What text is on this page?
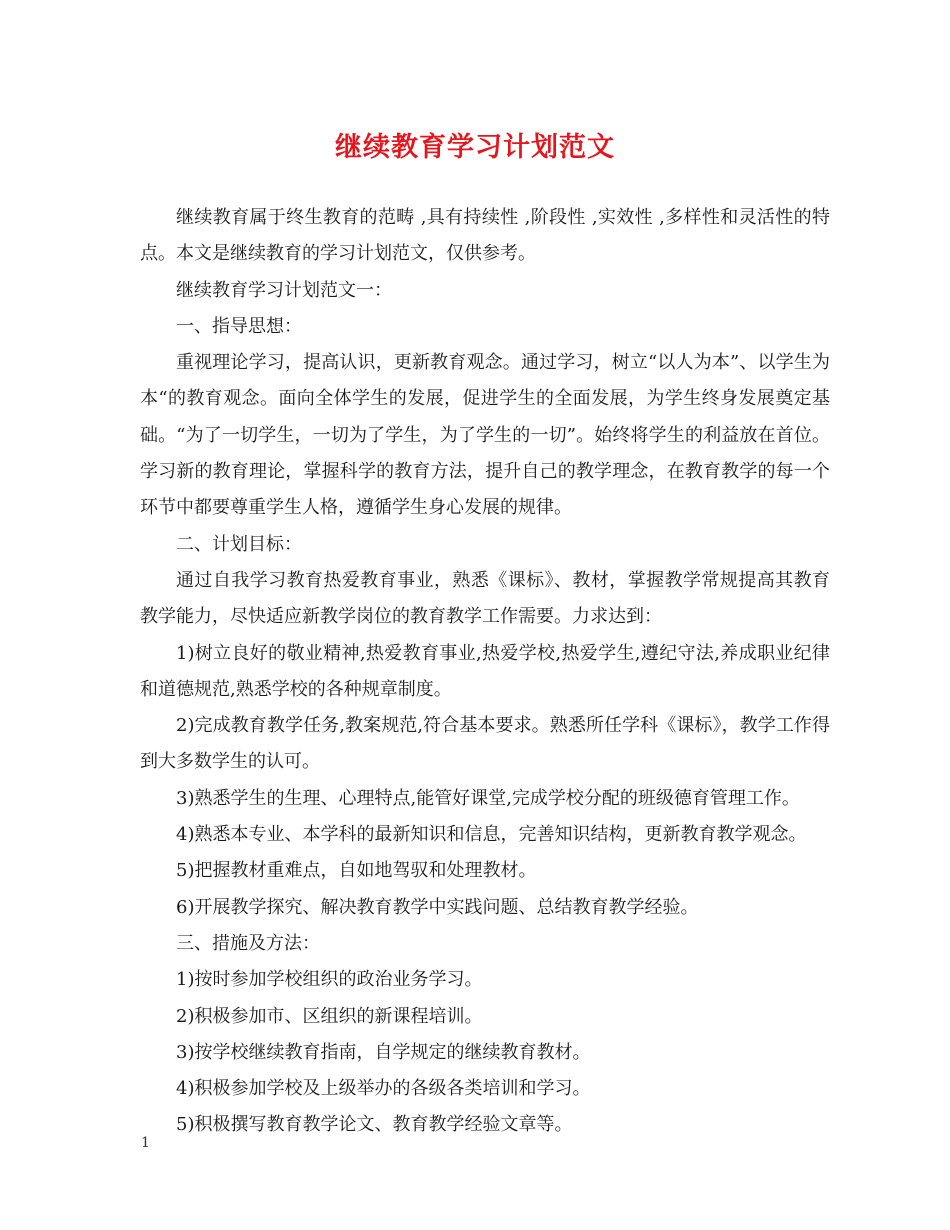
继续教育学习计划范文

继续教育属于终生教育的范畴 ,具有持续性 ,阶段性 ,实效性 ,多样性和灵活性的特点。本文是继续教育的学习计划范文，仅供参考。

继续教育学习计划范文一：

一、指导思想：

重视理论学习，提高认识，更新教育观念。通过学习，树立“以人为本”、以学生为本“的教育观念。面向全体学生的发展，促进学生的全面发展，为学生终身发展奠定基础。“为了一切学生，一切为了学生，为了学生的一切”。始终将学生的利益放在首位。学习新的教育理论，掌握科学的教育方法，提升自己的教学理念，在教育教学的每一个环节中都要尊重学生人格，遵循学生身心发展的规律。

二、计划目标：

通过自我学习教育热爱教育事业，熟悉《课标》、教材，掌握教学常规提高其教育教学能力，尽快适应新教学岗位的教育教学工作需要。力求达到：

1)树立良好的敬业精神,热爱教育事业,热爱学校,热爱学生,遵纪守法,养成职业纪律和道德规范,熟悉学校的各种规章制度。

2)完成教育教学任务,教案规范,符合基本要求。熟悉所任学科《课标》，教学工作得到大多数学生的认可。

3)熟悉学生的生理、心理特点,能管好课堂,完成学校分配的班级德育管理工作。

4)熟悉本专业、本学科的最新知识和信息，完善知识结构，更新教育教学观念。

5)把握教材重难点，自如地驾驭和处理教材。

6)开展教学探究、解决教育教学中实践问题、总结教育教学经验。

三、措施及方法：

1)按时参加学校组织的政治业务学习。

2)积极参加市、区组织的新课程培训。

3)按学校继续教育指南，自学规定的继续教育教材。

4)积极参加学校及上级举办的各级各类培训和学习。

5)积极撰写教育教学论文、教育教学经验文章等。

1
